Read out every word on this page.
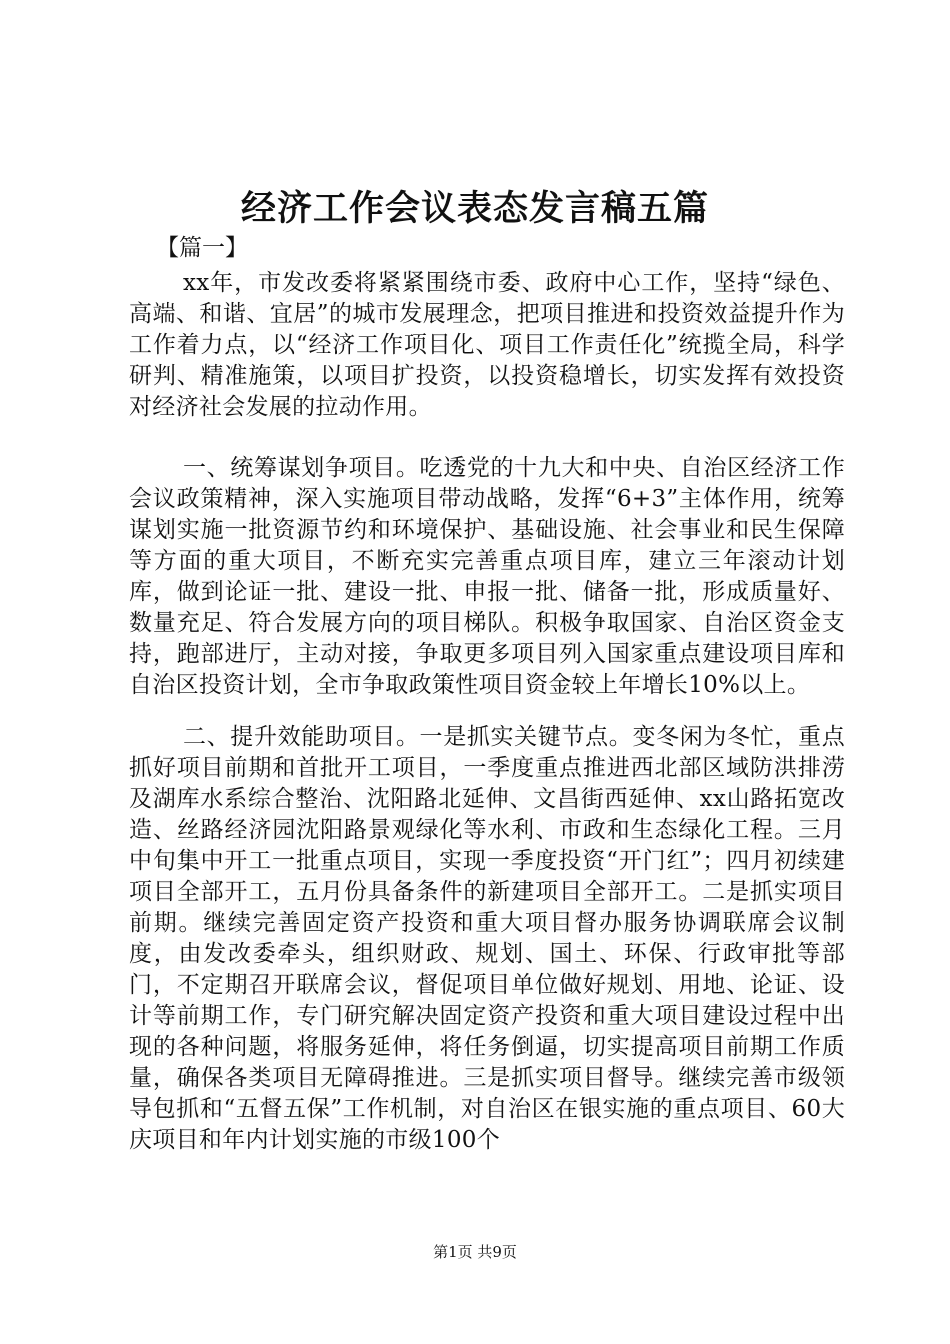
经济工作会议表态发言稿五篇

【篇一】

xx年，市发改委将紧紧围绕市委、政府中心工作，坚持“绿色、高端、和谐、宜居”的城市发展理念，把项目推进和投资效益提升作为工作着力点，以“经济工作项目化、项目工作责任化”统揽全局，科学研判、精准施策，以项目扩投资，以投资稳增长，切实发挥有效投资对经济社会发展的拉动作用。

一、统筹谋划争项目。吃透党的十九大和中央、自治区经济工作会议政策精神，深入实施项目带动战略，发挥“6+3”主体作用，统筹谋划实施一批资源节约和环境保护、基础设施、社会事业和民生保障等方面的重大项目，不断充实完善重点项目库，建立三年滚动计划库，做到论证一批、建设一批、申报一批、储备一批，形成质量好、数量充足、符合发展方向的项目梯队。积极争取国家、自治区资金支持，跑部进厅，主动对接，争取更多项目列入国家重点建设项目库和自治区投资计划，全市争取政策性项目资金较上年增长10%以上。

二、提升效能助项目。一是抓实关键节点。变冬闲为冬忙，重点抓好项目前期和首批开工项目，一季度重点推进西北部区域防洪排涝及湖库水系综合整治、沈阳路北延伸、文昌街西延伸、xx山路拓宽改造、丝路经济园沈阳路景观绿化等水利、市政和生态绿化工程。三月中旬集中开工一批重点项目，实现一季度投资“开门红”；四月初续建项目全部开工，五月份具备条件的新建项目全部开工。二是抓实项目前期。继续完善固定资产投资和重大项目督办服务协调联席会议制度，由发改委牵头，组织财政、规划、国土、环保、行政审批等部门，不定期召开联席会议，督促项目单位做好规划、用地、论证、设计等前期工作，专门研究解决固定资产投资和重大项目建设过程中出现的各种问题，将服务延伸，将任务倒逼，切实提高项目前期工作质量，确保各类项目无障碍推进。三是抓实项目督导。继续完善市级领导包抓和“五督五保”工作机制，对自治区在银实施的重点项目、60大庆项目和年内计划实施的市级100个

第1页 共9页
